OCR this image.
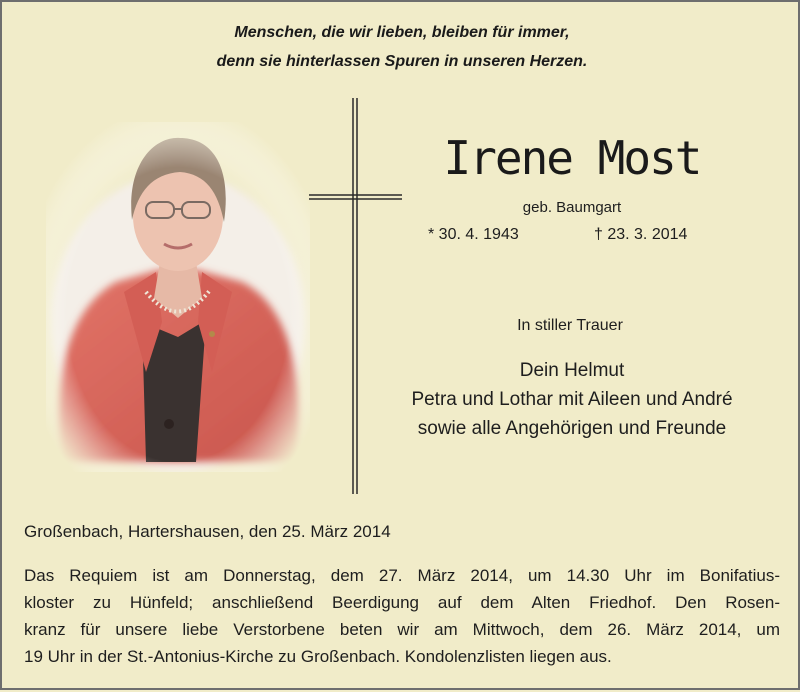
Menschen, die wir lieben, bleiben für immer,
denn sie hinterlassen Spuren in unseren Herzen.
Irene Most
geb. Baumgart
* 30. 4. 1943	† 23. 3. 2014
In stiller Trauer
Dein Helmut
Petra und Lothar mit Aileen und André
sowie alle Angehörigen und Freunde
Großenbach, Hartershausen, den 25. März 2014
Das Requiem ist am Donnerstag, dem 27. März 2014, um 14.30 Uhr im Bonifatius-
kloster zu Hünfeld; anschließend Beerdigung auf dem Alten Friedhof. Den Rosen-
kranz für unsere liebe Verstorbene beten wir am Mittwoch, dem 26. März 2014, um
19 Uhr in der St.-Antonius-Kirche zu Großenbach. Kondolenzlisten liegen aus.
